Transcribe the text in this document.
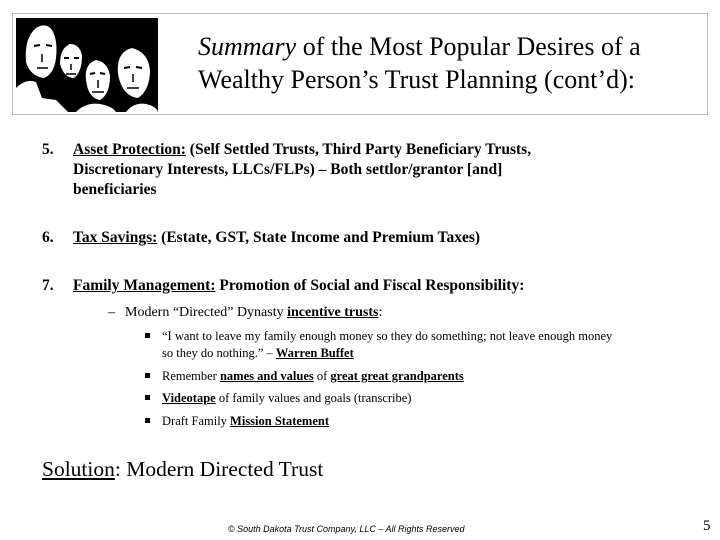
Summary of the Most Popular Desires of a
Wealthy Person’s Trust Planning (cont’d):
5. Asset Protection: (Self Settled Trusts, Third Party Beneficiary Trusts,
Discretionary Interests, LLCs/FLPs) – Both settlor/grantor [and]
beneficiaries
6. Tax Savings: (Estate, GST, State Income and Premium Taxes)
7. Family Management: Promotion of Social and Fiscal Responsibility:
– Modern “Directed” Dynasty incentive trusts:
“I want to leave my family enough money so they do something; not leave enough money
so they do nothing.” – Warren Buffet
Remember names and values of great great grandparents
Videotape of family values and goals (transcribe)
Draft Family Mission Statement
Solution: Modern Directed Trust
© South Dakota Trust Company, LLC – All Rights Reserved	5
